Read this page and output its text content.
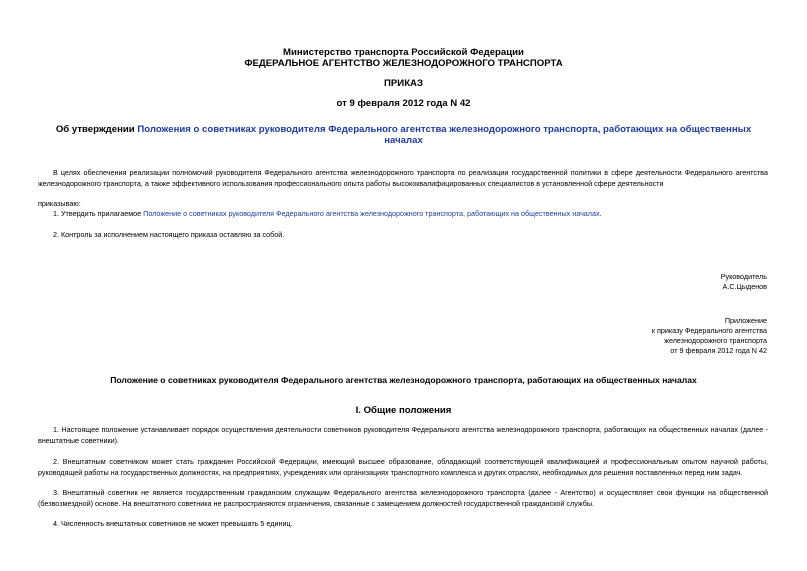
Министерство транспорта Российской Федерации
ФЕДЕРАЛЬНОЕ АГЕНТСТВО ЖЕЛЕЗНОДОРОЖНОГО ТРАНСПОРТА
ПРИКАЗ
от 9 февраля 2012 года N 42
Об утверждении Положения о советниках руководителя Федерального агентства железнодорожного транспорта, работающих на общественных началах
В целях обеспечения реализации полномочий руководителя Федерального агентства железнодорожного транспорта по реализации государственной политики в сфере деятельности Федерального агентства железнодорожного транспорта, а также эффективного использования профессионального опыта работы высококвалифицированных специалистов в установленной сфере деятельности
приказываю:
1. Утвердить прилагаемое Положение о советниках руководителя Федерального агентства железнодорожного транспорта, работающих на общественных началах.
2. Контроль за исполнением настоящего приказа оставляю за собой.
Руководитель
А.С.Цыденов
Приложение
к приказу Федерального агентства
железнодорожного транспорта
от 9 февраля 2012 года N 42
Положение о советниках руководителя Федерального агентства железнодорожного транспорта, работающих на общественных началах
I. Общие положения
1. Настоящее положение устанавливает порядок осуществления деятельности советников руководителя Федерального агентства железнодорожного транспорта, работающих на общественных началах (далее - внештатные советники).
2. Внештатным советником может стать гражданин Российской Федерации, имеющий высшее образование, обладающий соответствующей квалификацией и профессиональным опытом научной работы, руководящей работы на государственных должностях, на предприятиях, учреждениях или организациях транспортного комплекса и других отраслях, необходимых для решения поставленных перед ним задач.
3. Внештатный советник не является государственным гражданским служащим Федерального агентства железнодорожного транспорта (далее - Агентство) и осуществляет свои функции на общественной (безвозмездной) основе. На внештатного советника не распространяются ограничения, связанные с замещением должностей государственной гражданской службы.
4. Численность внештатных советников не может превышать 5 единиц.
